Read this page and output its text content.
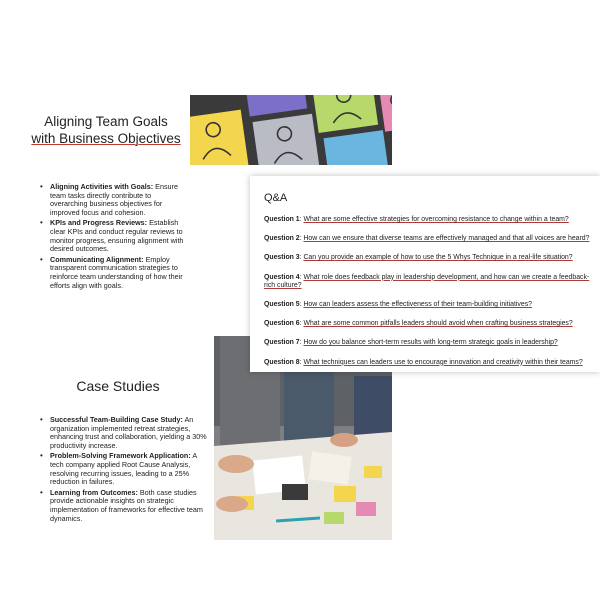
Aligning Team Goals
with Business Objectives
• Aligning Activities with Goals: Ensure team tasks directly contribute to overarching business objectives for improved focus and cohesion.
• KPIs and Progress Reviews: Establish clear KPIs and conduct regular reviews to monitor progress, ensuring alignment with desired outcomes.
• Communicating Alignment: Employ transparent communication strategies to reinforce team understanding of how their efforts align with goals.
Case Studies
• Successful Team-Building Case Study: An organization implemented retreat strategies, enhancing trust and collaboration, yielding a 30% productivity increase.
• Problem-Solving Framework Application: A tech company applied Root Cause Analysis, resolving recurring issues, leading to a 25% reduction in failures.
• Learning from Outcomes: Both case studies provide actionable insights on strategic implementation of frameworks for effective team dynamics.
Q&A
Question 1: What are some effective strategies for overcoming resistance to change within a team?
Question 2: How can we ensure that diverse teams are effectively managed and that all voices are heard?
Question 3: Can you provide an example of how to use the 5 Whys Technique in a real-life situation?
Question 4: What role does feedback play in leadership development, and how can we create a feedback-rich culture?
Question 5: How can leaders assess the effectiveness of their team-building initiatives?
Question 6: What are some common pitfalls leaders should avoid when crafting business strategies?
Question 7: How do you balance short-term results with long-term strategic goals in leadership?
Question 8: What techniques can leaders use to encourage innovation and creativity within their teams?
